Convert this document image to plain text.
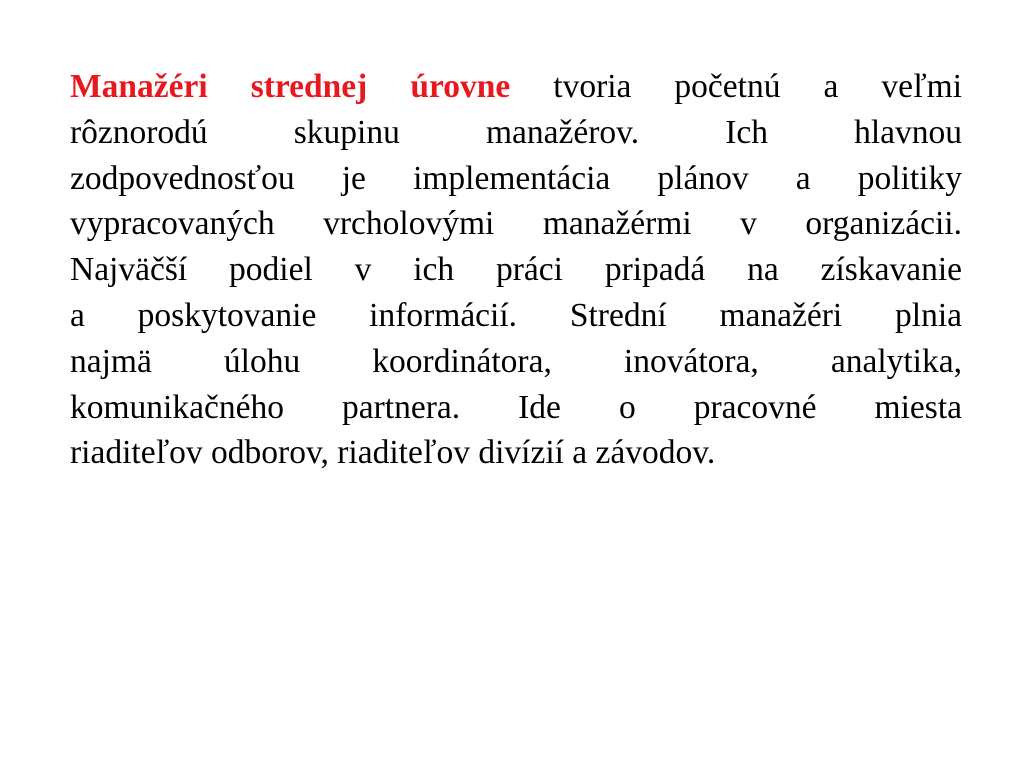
Manažéri strednej úrovne tvoria početnú a veľmi
rôznorodú skupinu manažérov. Ich hlavnou
zodpovednosťou je implementácia plánov a politiky
vypracovaných vrcholovými manažérmi v organizácii.
Najväčší podiel v ich práci pripadá na získavanie
a poskytovanie informácií. Strední manažéri plnia
najmä úlohu koordinátora, inovátora, analytika,
komunikačného partnera. Ide o pracovné miesta
riaditeľov odborov, riaditeľov divízií a závodov.
